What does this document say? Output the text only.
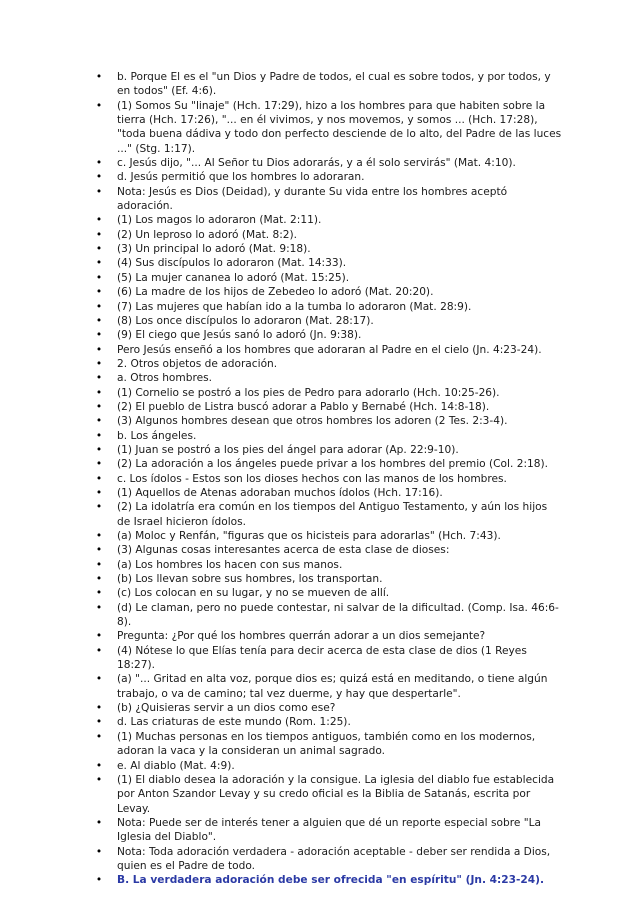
• b. Porque El es el "un Dios y Padre de todos, el cual es sobre todos, y por todos, y en todos" (Ef. 4:6).
• (1) Somos Su "linaje" (Hch. 17:29), hizo a los hombres para que habiten sobre la tierra (Hch. 17:26), "... en él vivimos, y nos movemos, y somos ... (Hch. 17:28), "toda buena dádiva y todo don perfecto desciende de lo alto, del Padre de las luces ..." (Stg. 1:17).
• c. Jesús dijo, "... Al Señor tu Dios adorarás, y a él solo servirás" (Mat. 4:10).
• d. Jesús permitió que los hombres lo adoraran.
• Nota: Jesús es Dios (Deidad), y durante Su vida entre los hombres aceptó adoración.
• (1) Los magos lo adoraron (Mat. 2:11).
• (2) Un leproso lo adoró (Mat. 8:2).
• (3) Un principal lo adoró (Mat. 9:18).
• (4) Sus discípulos lo adoraron (Mat. 14:33).
• (5) La mujer cananea lo adoró (Mat. 15:25).
• (6) La madre de los hijos de Zebedeo lo adoró (Mat. 20:20).
• (7) Las mujeres que habían ido a la tumba lo adoraron (Mat. 28:9).
• (8) Los once discípulos lo adoraron (Mat. 28:17).
• (9) El ciego que Jesús sanó lo adoró (Jn. 9:38).
• Pero Jesús enseñó a los hombres que adoraran al Padre en el cielo (Jn. 4:23-24).
• 2. Otros objetos de adoración.
• a. Otros hombres.
• (1) Cornelio se postró a los pies de Pedro para adorarlo (Hch. 10:25-26).
• (2) El pueblo de Listra buscó adorar a Pablo y Bernabé (Hch. 14:8-18).
• (3) Algunos hombres desean que otros hombres los adoren (2 Tes. 2:3-4).
• b. Los ángeles.
• (1) Juan se postró a los pies del ángel para adorar (Ap. 22:9-10).
• (2) La adoración a los ángeles puede privar a los hombres del premio (Col. 2:18).
• c. Los ídolos - Estos son los dioses hechos con las manos de los hombres.
• (1) Aquellos de Atenas adoraban muchos ídolos (Hch. 17:16).
• (2) La idolatría era común en los tiempos del Antiguo Testamento, y aún los hijos de Israel hicieron ídolos.
• (a) Moloc y Renfán, "figuras que os hicisteis para adorarlas" (Hch. 7:43).
• (3) Algunas cosas interesantes acerca de esta clase de dioses:
• (a) Los hombres los hacen con sus manos.
• (b) Los llevan sobre sus hombres, los transportan.
• (c) Los colocan en su lugar, y no se mueven de allí.
• (d) Le claman, pero no puede contestar, ni salvar de la dificultad. (Comp. Isa. 46:6-8).
• Pregunta: ¿Por qué los hombres querrán adorar a un dios semejante?
• (4) Nótese lo que Elías tenía para decir acerca de esta clase de dios (1 Reyes 18:27).
• (a) "... Gritad en alta voz, porque dios es; quizá está en meditando, o tiene algún trabajo, o va de camino; tal vez duerme, y hay que despertarle".
• (b) ¿Quisieras servir a un dios como ese?
• d. Las criaturas de este mundo (Rom. 1:25).
• (1) Muchas personas en los tiempos antiguos, también como en los modernos, adoran la vaca y la consideran un animal sagrado.
• e. Al diablo (Mat. 4:9).
• (1) El diablo desea la adoración y la consigue. La iglesia del diablo fue establecida por Anton Szandor Levay y su credo oficial es la Biblia de Satanás, escrita por Levay.
• Nota: Puede ser de interés tener a alguien que dé un reporte especial sobre "La Iglesia del Diablo".
• Nota: Toda adoración verdadera - adoración aceptable - deber ser rendida a Dios, quien es el Padre de todo.
• B. La verdadera adoración debe ser ofrecida "en espíritu" (Jn. 4:23-24).
